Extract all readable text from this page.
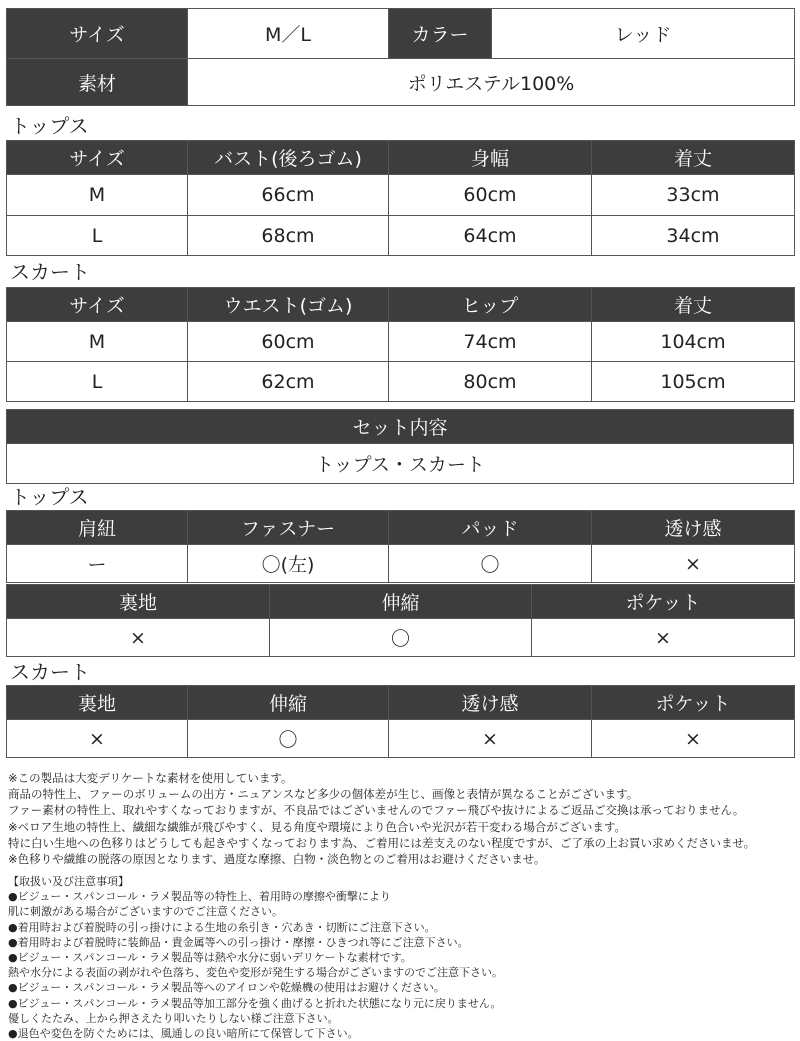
サイズ	M／L	カラー	レッド
素材	ポリエステル100%		
トップス
サイズ	バスト(後ろゴム)	身幅	着丈
M	66cm	60cm	33cm
L	68cm	64cm	34cm
スカート
サイズ	ウエスト(ゴム)	ヒップ	着丈
M	60cm	74cm	104cm
L	62cm	80cm	105cm
セット内容
トップス・スカート
トップス
肩紐	ファスナー	パッド	透け感
ー	〇(左)	〇	×
裏地	伸縮	ポケット
×	〇	×
スカート
裏地	伸縮	透け感	ポケット
×	〇	×	×
※この製品は大変デリケートな素材を使用しています。
商品の特性上、ファーのボリュームの出方・ニュアンスなど多少の個体差が生じ、画像と表情が異なることがございます。
ファー素材の特性上、取れやすくなっておりますが、不良品ではございませんのでファー飛びや抜けによるご返品ご交換は承っておりません。
※ベロア生地の特性上、繊細な繊維が飛びやすく、見る角度や環境により色合いや光沢が若干変わる場合がございます。
特に白い生地への色移りはどうしても起きやすくなっております為、ご着用には差支えのない程度ですが、ご了承の上お買い求めくださいませ。
※色移りや繊維の脱落の原因となります、過度な摩擦、白物・淡色物とのご着用はお避けくださいませ。
【取扱い及び注意事項】
●ビジュー・スパンコール・ラメ製品等の特性上、着用時の摩擦や衝撃により
肌に刺激がある場合がございますのでご注意ください。
●着用時および着脱時の引っ掛けによる生地の糸引き・穴あき・切断にご注意下さい。
●着用時および着脱時に装飾品・貴金属等への引っ掛け・摩擦・ひきつれ等にご注意下さい。
●ビジュー・スパンコール・ラメ製品等は熱や水分に弱いデリケートな素材です。
熱や水分による表面の剥がれや色落ち、変色や変形が発生する場合がございますのでご注意下さい。
●ビジュー・スパンコール・ラメ製品等へのアイロンや乾燥機の使用はお避けください。
●ビジュー・スパンコール・ラメ製品等加工部分を強く曲げると折れた状態になり元に戻りません。
優しくたたみ、上から押さえたり叩いたりしない様ご注意下さい。
●退色や変色を防ぐためには、風通しの良い暗所にて保管して下さい。
